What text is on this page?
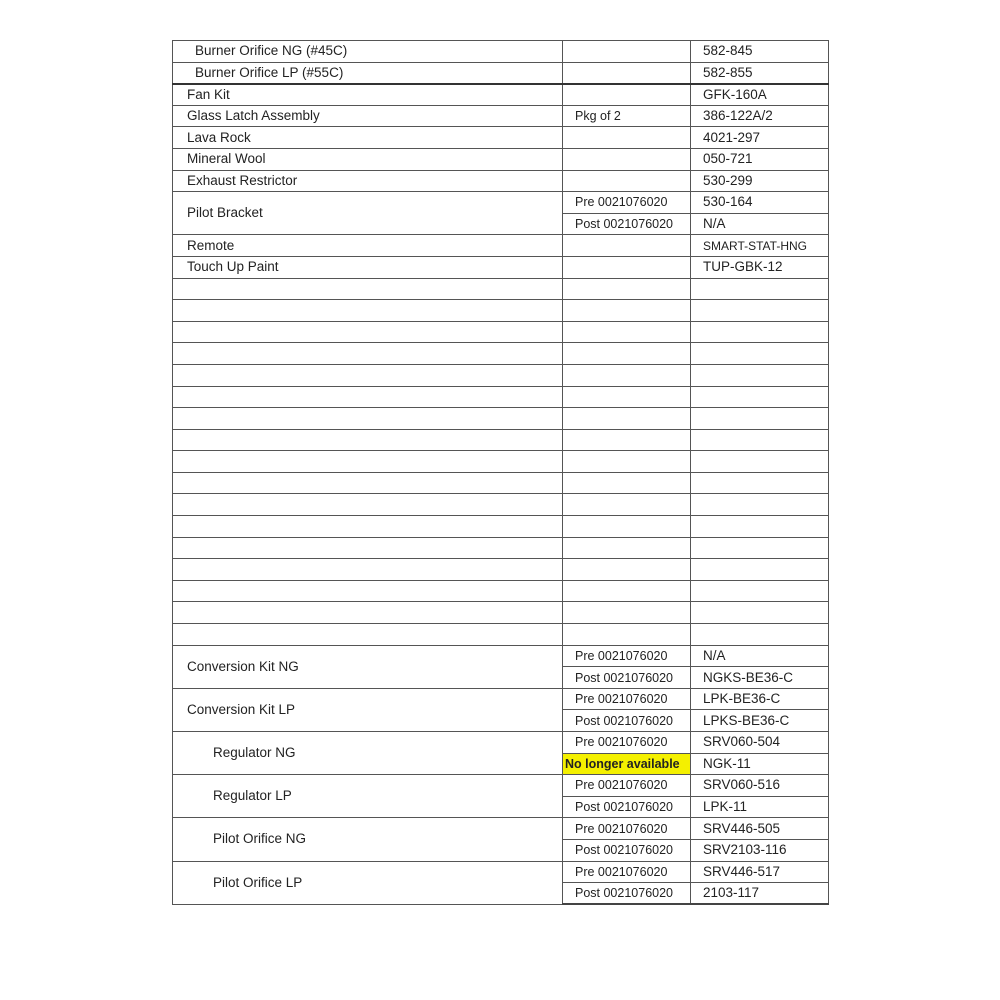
Burner Orifice NG (#45C)		582-845
Burner Orifice LP (#55C)		582-855
Fan Kit		GFK-160A
Glass Latch Assembly	Pkg of 2	386-122A/2
Lava Rock		4021-297
Mineral Wool		050-721
Exhaust Restrictor		530-299
Pilot Bracket	Pre 0021076020	530-164
	Post 0021076020	N/A
Remote		SMART-STAT-HNG
Touch Up Paint		TUP-GBK-12

Conversion Kit NG	Pre 0021076020	N/A
	Post 0021076020	NGKS-BE36-C
Conversion Kit LP	Pre 0021076020	LPK-BE36-C
	Post 0021076020	LPKS-BE36-C
Regulator NG	Pre 0021076020	SRV060-504
	No longer available	NGK-11
Regulator LP	Pre 0021076020	SRV060-516
	Post 0021076020	LPK-11
Pilot Orifice NG	Pre 0021076020	SRV446-505
	Post 0021076020	SRV2103-116
Pilot Orifice LP	Pre 0021076020	SRV446-517
	Post 0021076020	2103-117
